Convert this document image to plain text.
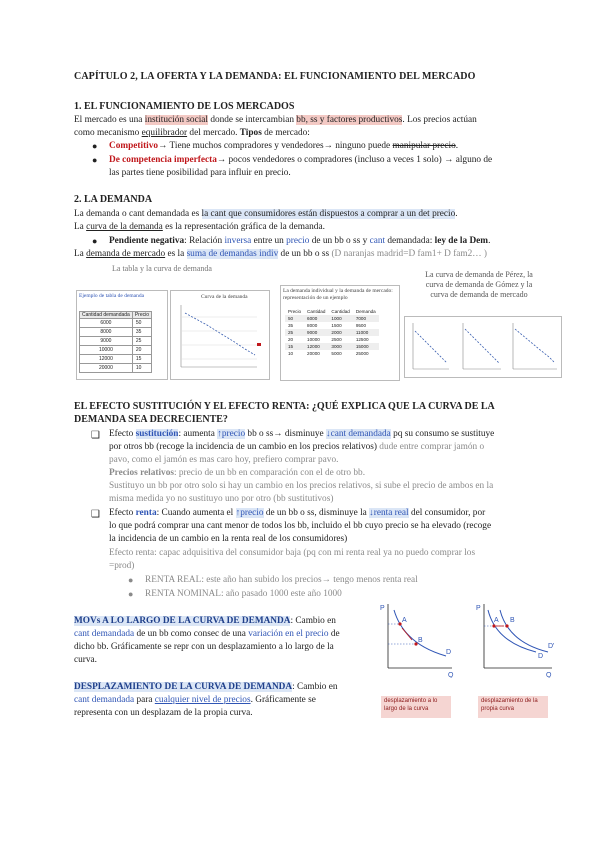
CAPÍTULO 2, LA OFERTA Y LA DEMANDA: EL FUNCIONAMIENTO DEL MERCADO
1. EL FUNCIONAMIENTO DE LOS MERCADOS
El mercado es una institución social donde se intercambian bb, ss y factores productivos. Los precios actúan
como mecanismo equilibrador del mercado. Tipos de mercado:
● Competitivo→ Tiene muchos compradores y vendedores→ ninguno puede manipular precio.
● De competencia imperfecta→ pocos vendedores o compradores (incluso a veces 1 solo) → alguno de
las partes tiene posibilidad para influir en precio.
2. LA DEMANDA
La demanda o cant demandada es la cant que consumidores están dispuestos a comprar a un det precio.
La curva de la demanda es la representación gráfica de la demanda.
● Pendiente negativa: Relación inversa entre un precio de un bb o ss y cant demandada: ley de la Dem.
La demanda de mercado es la suma de demandas indiv de un bb o ss (D naranjas madrid=D fam1+ D fam2… )
La tabla y la curva de demanda
Ejemplo de tabla de demanda
Cantidad demandada	Precio
6000	50
8000	35
9000	25
10000	20
12000	15
20000	10
Curva de la demanda
La demanda individual y la demanda de mercado: representación de un ejemplo
Precio	Cantidad	Cantidad	Demanda
50	6000	1000	7000
35	8000	1500	9500
25	9000	2000	11000
20	10000	2500	12500
15	12000	3000	15000
10	20000	5000	25000
La curva de demanda de Pérez, la curva de demanda de Gómez y la curva de demanda de mercado
EL EFECTO SUSTITUCIÓN Y EL EFECTO RENTA: ¿QUÉ EXPLICA QUE LA CURVA DE LA
DEMANDA SEA DECRECIENTE?
❑ Efecto sustitución: aumenta ↑precio bb o ss→ disminuye ↓cant demandada pq su consumo se sustituye
por otros bb (recoge la incidencia de un cambio en los precios relativos) dude entre comprar jamón o
pavo, como el jamón es mas caro hoy, prefiero comprar pavo.
Precios relativos: precio de un bb en comparación con el de otro bb.
Sustituyo un bb por otro solo si hay un cambio en los precios relativos, si sube el precio de ambos en la
misma medida yo no sustituyo uno por otro (bb sustitutivos)
❑ Efecto renta: Cuando aumenta el ↑precio de un bb o ss, disminuye la ↓renta real del consumidor, por
lo que podrá comprar una cant menor de todos los bb, incluido el bb cuyo precio se ha elevado (recoge
la incidencia de un cambio en la renta real de los consumidores)
Efecto renta: capac adquisitiva del consumidor baja (pq con mi renta real ya no puedo comprar los
=prod)
● RENTA REAL: este año han subido los precios→ tengo menos renta real
● RENTA NOMINAL: año pasado 1000 este año 1000
MOVs A LO LARGO DE LA CURVA DE DEMANDA: Cambio en
cant demandada de un bb como consec de una variación en el precio de
dicho bb. Gráficamente se repr con un desplazamiento a lo largo de la
curva.
DESPLAZAMIENTO DE LA CURVA DE DEMANDA: Cambio en
cant demandada para cualquier nivel de precios. Gráficamente se
representa con un desplazam de la propia curva.
A
B
D
P
Q
desplazamiento a lo largo de la curva
A B
D
D'
P
Q
desplazamiento de la propia curva
